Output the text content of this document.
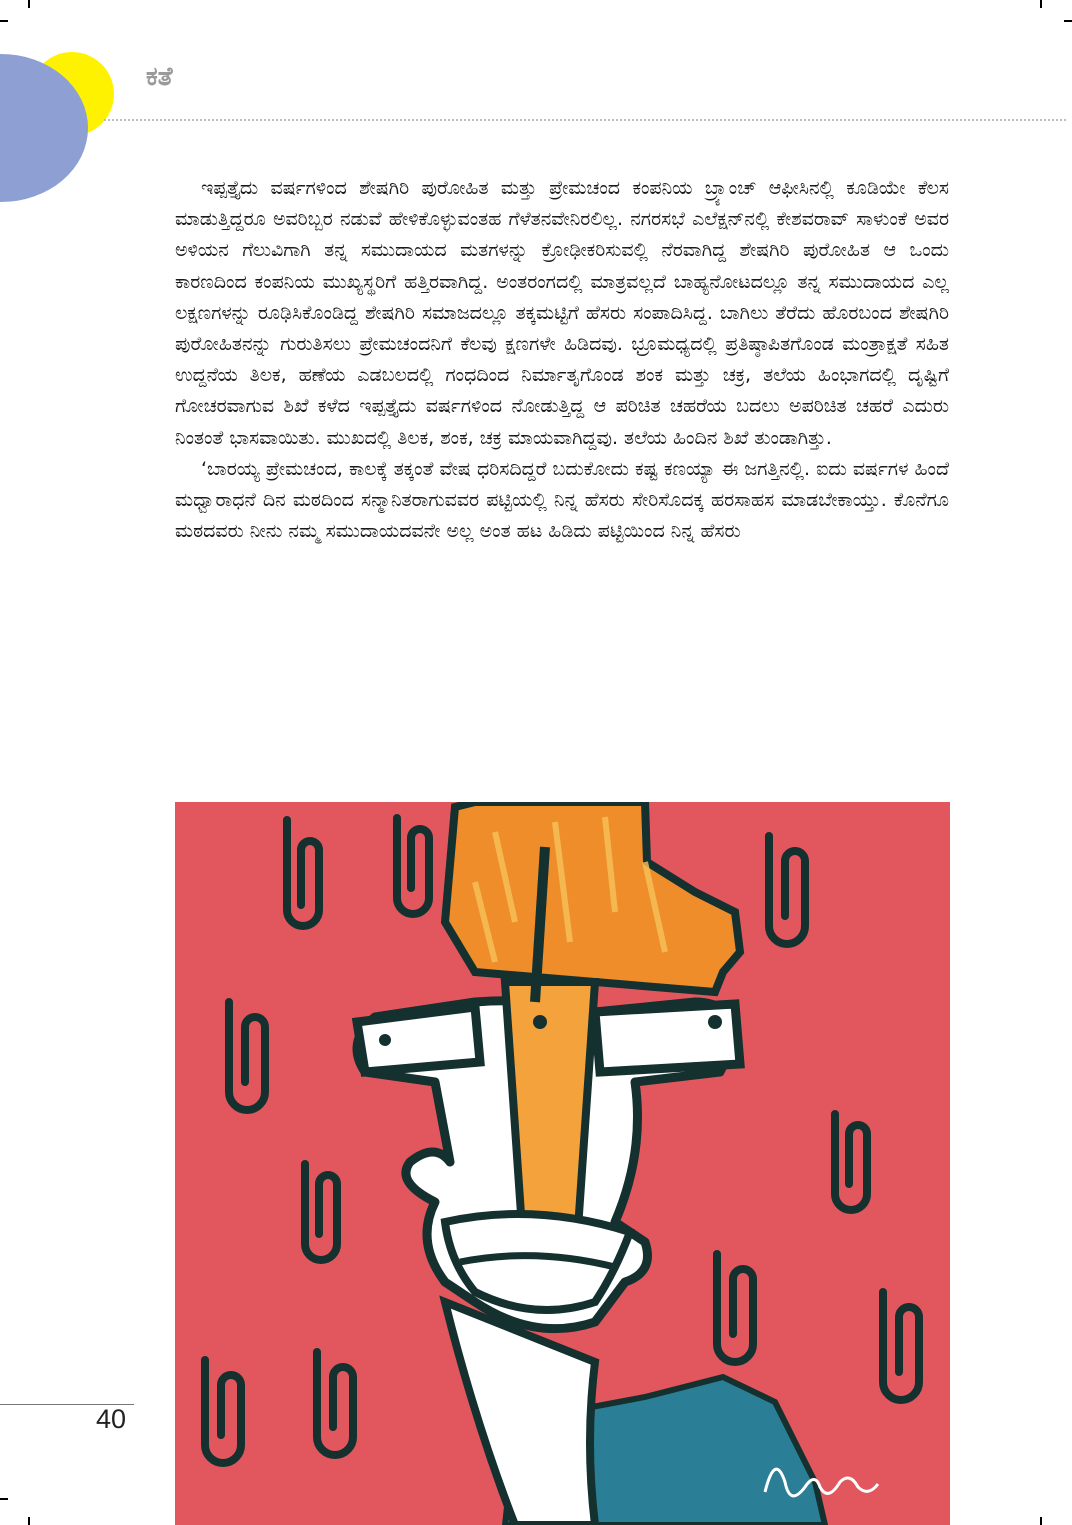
ಕತೆ

ಇಪ್ಪತ್ತೈದು ವರ್ಷಗಳಿಂದ ಶೇಷಗಿರಿ ಪುರೋಹಿತ ಮತ್ತು ಪ್ರೇಮಚಂದ ಕಂಪನಿಯ ಬ್ರ್ಯಾಂಚ್ ಆಫೀಸಿನಲ್ಲಿ ಕೂಡಿಯೇ ಕೆಲಸ ಮಾಡುತ್ತಿದ್ದರೂ ಅವರಿಬ್ಬರ ನಡುವೆ ಹೇಳಿಕೊಳ್ಳುವಂತಹ ಗೆಳೆತನವೇನಿರಲಿಲ್ಲ. ನಗರಸಭೆ ಎಲೆಕ್ಷನ್‌ನಲ್ಲಿ ಕೇಶವರಾವ್ ಸಾಳುಂಕೆ ಅವರ ಅಳಿಯನ ಗೆಲುವಿಗಾಗಿ ತನ್ನ ಸಮುದಾಯದ ಮತಗಳನ್ನು ಕ್ರೋಢೀಕರಿಸುವಲ್ಲಿ ನೆರವಾಗಿದ್ದ ಶೇಷಗಿರಿ ಪುರೋಹಿತ ಆ ಒಂದು ಕಾರಣದಿಂದ ಕಂಪನಿಯ ಮುಖ್ಯಸ್ಥರಿಗೆ ಹತ್ತಿರವಾಗಿದ್ದ. ಅಂತರಂಗದಲ್ಲಿ ಮಾತ್ರವಲ್ಲದೆ ಬಾಹ್ಯನೋಟದಲ್ಲೂ ತನ್ನ ಸಮುದಾಯದ ಎಲ್ಲ ಲಕ್ಷಣಗಳನ್ನು ರೂಢಿಸಿಕೊಂಡಿದ್ದ ಶೇಷಗಿರಿ ಸಮಾಜದಲ್ಲೂ ತಕ್ಕಮಟ್ಟಿಗೆ ಹೆಸರು ಸಂಪಾದಿಸಿದ್ದ. ಬಾಗಿಲು ತೆರೆದು ಹೊರಬಂದ ಶೇಷಗಿರಿ ಪುರೋಹಿತನನ್ನು ಗುರುತಿಸಲು ಪ್ರೇಮಚಂದನಿಗೆ ಕೆಲವು ಕ್ಷಣಗಳೇ ಹಿಡಿದವು. ಭ್ರೂಮಧ್ಯದಲ್ಲಿ ಪ್ರತಿಷ್ಠಾಪಿತಗೊಂಡ ಮಂತ್ರಾಕ್ಷತೆ ಸಹಿತ ಉದ್ದನೆಯ ತಿಲಕ, ಹಣೆಯ ಎಡಬಲದಲ್ಲಿ ಗಂಧದಿಂದ ನಿರ್ಮಾತೃಗೊಂಡ ಶಂಕ ಮತ್ತು ಚಕ್ರ, ತಲೆಯ ಹಿಂಭಾಗದಲ್ಲಿ ದೃಷ್ಟಿಗೆ ಗೋಚರವಾಗುವ ಶಿಖೆ ಕಳೆದ ಇಪ್ಪತ್ತೈದು ವರ್ಷಗಳಿಂದ ನೋಡುತ್ತಿದ್ದ ಆ ಪರಿಚಿತ ಚಹರೆಯ ಬದಲು ಅಪರಿಚಿತ ಚಹರೆ ಎದುರು ನಿಂತಂತೆ ಭಾಸವಾಯಿತು. ಮುಖದಲ್ಲಿ ತಿಲಕ, ಶಂಕ, ಚಕ್ರ ಮಾಯವಾಗಿದ್ದವು. ತಲೆಯ ಹಿಂದಿನ ಶಿಖೆ ತುಂಡಾಗಿತ್ತು.

‘ಬಾರಯ್ಯ ಪ್ರೇಮಚಂದ, ಕಾಲಕ್ಕೆ ತಕ್ಕಂತೆ ವೇಷ ಧರಿಸದಿದ್ದರೆ ಬದುಕೋದು ಕಷ್ಟ ಕಣಯ್ಯಾ ಈ ಜಗತ್ತಿನಲ್ಲಿ. ಐದು ವರ್ಷಗಳ ಹಿಂದೆ ಮಧ್ವಾರಾಧನೆ ದಿನ ಮಠದಿಂದ ಸನ್ಮಾನಿತರಾಗುವವರ ಪಟ್ಟಿಯಲ್ಲಿ ನಿನ್ನ ಹೆಸರು ಸೇರಿಸೊದಕ್ಕ ಹರಸಾಹಸ ಮಾಡಬೇಕಾಯ್ತು. ಕೊನೆಗೂ ಮಠದವರು ನೀನು ನಮ್ಮ ಸಮುದಾಯದವನೇ ಅಲ್ಲ ಅಂತ ಹಟ ಹಿಡಿದು ಪಟ್ಟಿಯಿಂದ ನಿನ್ನ ಹೆಸರು

40
